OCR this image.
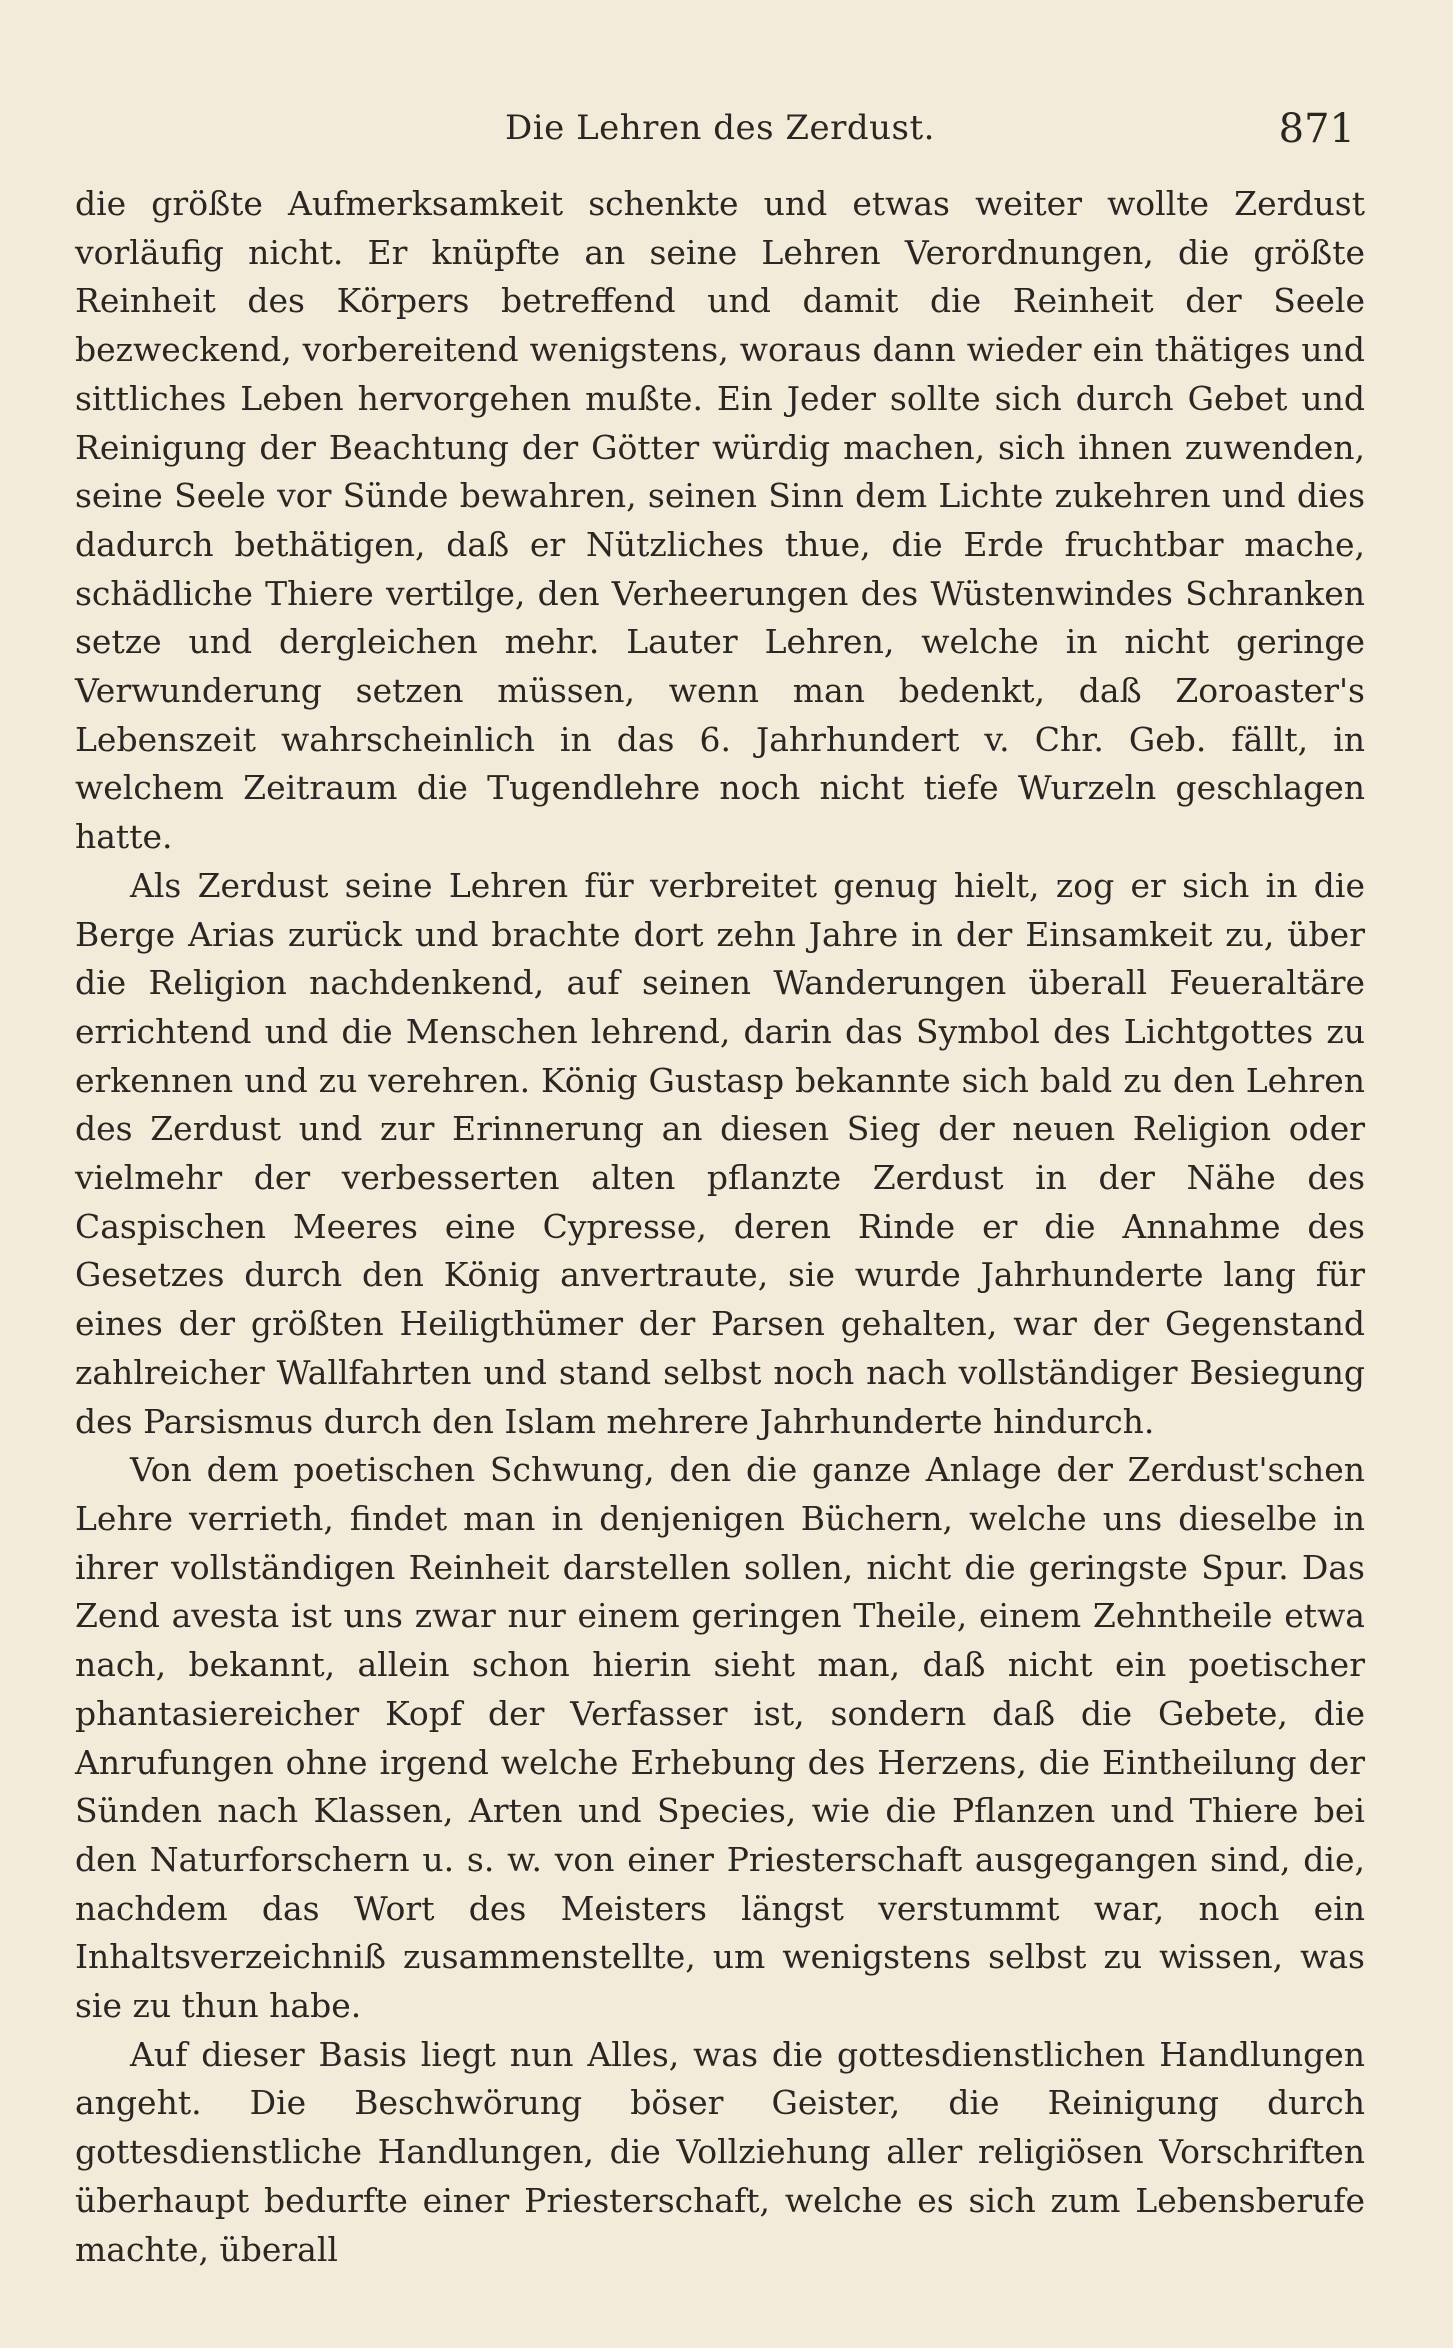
Die Lehren des Zerdust.	871

die größte Aufmerksamkeit schenkte und etwas weiter wollte Zerdust vorläufig nicht. Er knüpfte an seine Lehren Verordnungen, die größte Reinheit des Körpers betreffend und damit die Reinheit der Seele bezweckend, vorbereitend wenigstens, woraus dann wieder ein thätiges und sittliches Leben hervorgehen mußte. Ein Jeder sollte sich durch Gebet und Reinigung der Beachtung der Götter würdig machen, sich ihnen zuwenden, seine Seele vor Sünde bewahren, seinen Sinn dem Lichte zukehren und dies dadurch bethätigen, daß er Nützliches thue, die Erde fruchtbar mache, schädliche Thiere vertilge, den Verheerungen des Wüstenwindes Schranken setze und dergleichen mehr. Lauter Lehren, welche in nicht geringe Verwunderung setzen müssen, wenn man bedenkt, daß Zoroaster's Lebenszeit wahrscheinlich in das 6. Jahrhundert v. Chr. Geb. fällt, in welchem Zeitraum die Tugendlehre noch nicht tiefe Wurzeln geschlagen hatte.

Als Zerdust seine Lehren für verbreitet genug hielt, zog er sich in die Berge Arias zurück und brachte dort zehn Jahre in der Einsamkeit zu, über die Religion nachdenkend, auf seinen Wanderungen überall Feueraltäre errichtend und die Menschen lehrend, darin das Symbol des Lichtgottes zu erkennen und zu verehren. König Gustasp bekannte sich bald zu den Lehren des Zerdust und zur Erinnerung an diesen Sieg der neuen Religion oder vielmehr der verbesserten alten pflanzte Zerdust in der Nähe des Caspischen Meeres eine Cypresse, deren Rinde er die Annahme des Gesetzes durch den König anvertraute, sie wurde Jahrhunderte lang für eines der größten Heiligthümer der Parsen gehalten, war der Gegenstand zahlreicher Wallfahrten und stand selbst noch nach vollständiger Besiegung des Parsismus durch den Islam mehrere Jahrhunderte hindurch.

Von dem poetischen Schwung, den die ganze Anlage der Zerdust'schen Lehre verrieth, findet man in denjenigen Büchern, welche uns dieselbe in ihrer vollständigen Reinheit darstellen sollen, nicht die geringste Spur. Das Zend avesta ist uns zwar nur einem geringen Theile, einem Zehntheile etwa nach, bekannt, allein schon hierin sieht man, daß nicht ein poetischer phantasiereicher Kopf der Verfasser ist, sondern daß die Gebete, die Anrufungen ohne irgend welche Erhebung des Herzens, die Eintheilung der Sünden nach Klassen, Arten und Species, wie die Pflanzen und Thiere bei den Naturforschern u. s. w. von einer Priesterschaft ausgegangen sind, die, nachdem das Wort des Meisters längst verstummt war, noch ein Inhaltsverzeichniß zusammenstellte, um wenigstens selbst zu wissen, was sie zu thun habe.

Auf dieser Basis liegt nun Alles, was die gottesdienstlichen Handlungen angeht. Die Beschwörung böser Geister, die Reinigung durch gottesdienstliche Handlungen, die Vollziehung aller religiösen Vorschriften überhaupt bedurfte einer Priesterschaft, welche es sich zum Lebensberufe machte, überall
